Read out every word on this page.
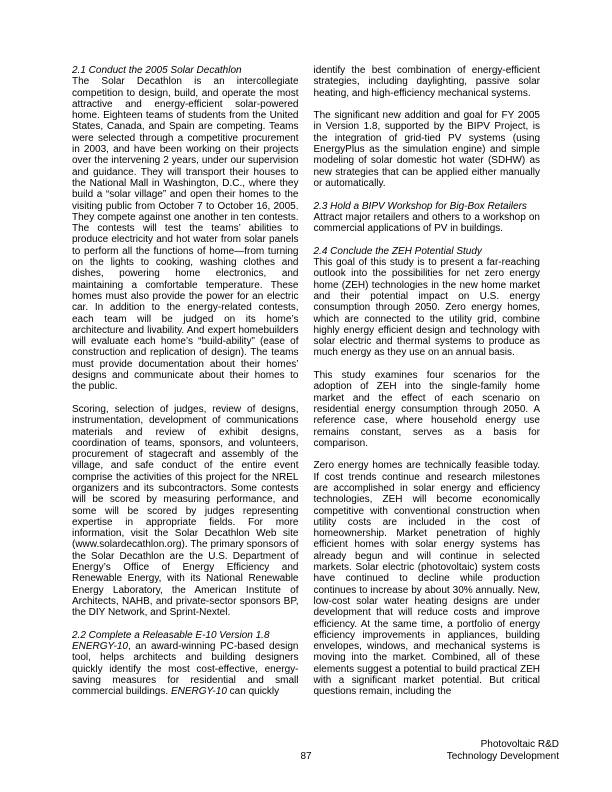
2.1 Conduct the 2005 Solar Decathlon

The Solar Decathlon is an intercollegiate competition to design, build, and operate the most attractive and energy-efficient solar-powered home. Eighteen teams of students from the United States, Canada, and Spain are competing. Teams were selected through a competitive procurement in 2003, and have been working on their projects over the intervening 2 years, under our supervision and guidance. They will transport their houses to the National Mall in Washington, D.C., where they build a “solar village” and open their homes to the visiting public from October 7 to October 16, 2005. They compete against one another in ten contests. The contests will test the teams’ abilities to produce electricity and hot water from solar panels to perform all the functions of home—from turning on the lights to cooking, washing clothes and dishes, powering home electronics, and maintaining a comfortable temperature. These homes must also provide the power for an electric car. In addition to the energy-related contests, each team will be judged on its home’s architecture and livability. And expert homebuilders will evaluate each home’s “build-ability” (ease of construction and replication of design). The teams must provide documentation about their homes’ designs and communicate about their homes to the public.

Scoring, selection of judges, review of designs, instrumentation, development of communications materials and review of exhibit designs, coordination of teams, sponsors, and volunteers, procurement of stagecraft and assembly of the village, and safe conduct of the entire event comprise the activities of this project for the NREL organizers and its subcontractors. Some contests will be scored by measuring performance, and some will be scored by judges representing expertise in appropriate fields. For more information, visit the Solar Decathlon Web site (www.solardecathlon.org). The primary sponsors of the Solar Decathlon are the U.S. Department of Energy’s Office of Energy Efficiency and Renewable Energy, with its National Renewable Energy Laboratory, the American Institute of Architects, NAHB, and private-sector sponsors BP, the DIY Network, and Sprint-Nextel.

2.2 Complete a Releasable E-10 Version 1.8

ENERGY-10, an award-winning PC-based design tool, helps architects and building designers quickly identify the most cost-effective, energy-saving measures for residential and small commercial buildings. ENERGY-10 can quickly

identify the best combination of energy-efficient strategies, including daylighting, passive solar heating, and high-efficiency mechanical systems.

The significant new addition and goal for FY 2005 in Version 1.8, supported by the BIPV Project, is the integration of grid-tied PV systems (using EnergyPlus as the simulation engine) and simple modeling of solar domestic hot water (SDHW) as new strategies that can be applied either manually or automatically.

2.3 Hold a BIPV Workshop for Big-Box Retailers

Attract major retailers and others to a workshop on commercial applications of PV in buildings.

2.4 Conclude the ZEH Potential Study

This goal of this study is to present a far-reaching outlook into the possibilities for net zero energy home (ZEH) technologies in the new home market and their potential impact on U.S. energy consumption through 2050. Zero energy homes, which are connected to the utility grid, combine highly energy efficient design and technology with solar electric and thermal systems to produce as much energy as they use on an annual basis.

This study examines four scenarios for the adoption of ZEH into the single-family home market and the effect of each scenario on residential energy consumption through 2050. A reference case, where household energy use remains constant, serves as a basis for comparison.

Zero energy homes are technically feasible today. If cost trends continue and research milestones are accomplished in solar energy and efficiency technologies, ZEH will become economically competitive with conventional construction when utility costs are included in the cost of homeownership. Market penetration of highly efficient homes with solar energy systems has already begun and will continue in selected markets. Solar electric (photovoltaic) system costs have continued to decline while production continues to increase by about 30% annually. New, low-cost solar water heating designs are under development that will reduce costs and improve efficiency. At the same time, a portfolio of energy efficiency improvements in appliances, building envelopes, windows, and mechanical systems is moving into the market. Combined, all of these elements suggest a potential to build practical ZEH with a significant market potential. But critical questions remain, including the

87
Photovoltaic R&D
Technology Development
